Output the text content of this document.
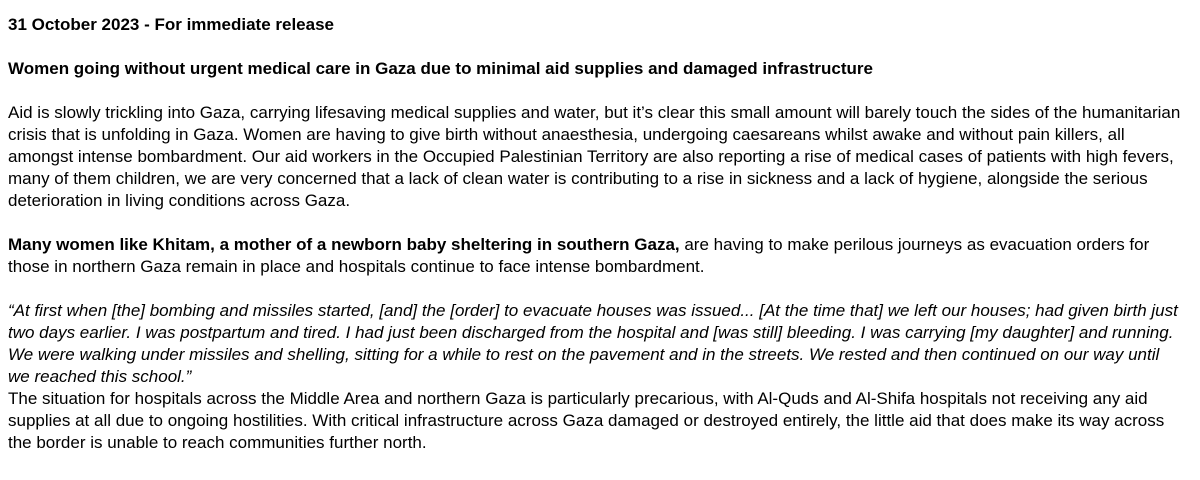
31 October 2023 - For immediate release

Women going without urgent medical care in Gaza due to minimal aid supplies and damaged infrastructure

Aid is slowly trickling into Gaza, carrying lifesaving medical supplies and water, but it’s clear this small amount will barely touch the sides of the humanitarian crisis that is unfolding in Gaza. Women are having to give birth without anaesthesia, undergoing caesareans whilst awake and without pain killers, all amongst intense bombardment. Our aid workers in the Occupied Palestinian Territory are also reporting a rise of medical cases of patients with high fevers, many of them children, we are very concerned that a lack of clean water is contributing to a rise in sickness and a lack of hygiene, alongside the serious deterioration in living conditions across Gaza.

Many women like Khitam, a mother of a newborn baby sheltering in southern Gaza, are having to make perilous journeys as evacuation orders for those in northern Gaza remain in place and hospitals continue to face intense bombardment.

“At first when [the] bombing and missiles started, [and] the [order] to evacuate houses was issued... [At the time that] we left our houses; had given birth just two days earlier. I was postpartum and tired. I had just been discharged from the hospital and [was still] bleeding. I was carrying [my daughter] and running. We were walking under missiles and shelling, sitting for a while to rest on the pavement and in the streets. We rested and then continued on our way until we reached this school.”

The situation for hospitals across the Middle Area and northern Gaza is particularly precarious, with Al-Quds and Al-Shifa hospitals not receiving any aid supplies at all due to ongoing hostilities. With critical infrastructure across Gaza damaged or destroyed entirely, the little aid that does make its way across the border is unable to reach communities further north.
